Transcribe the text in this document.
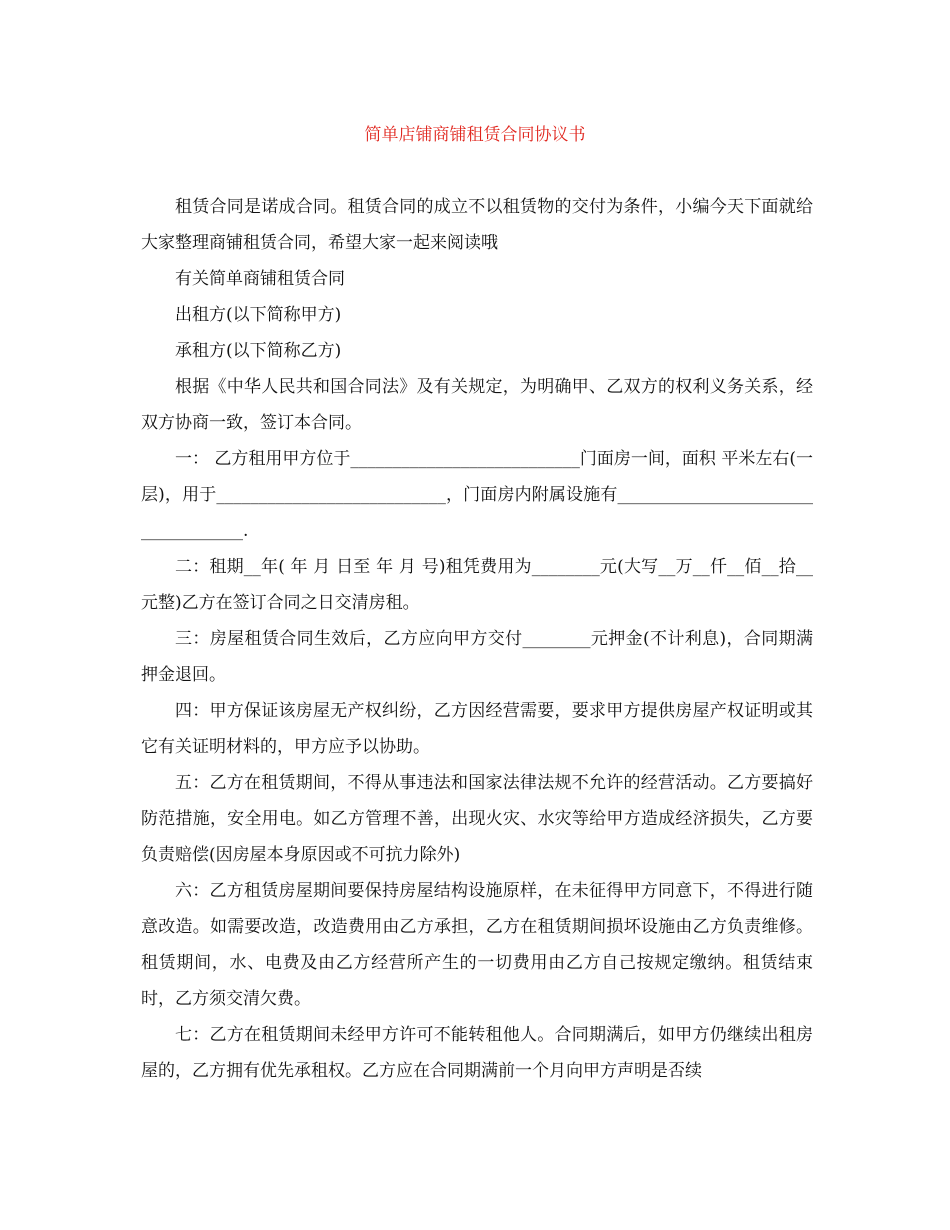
简单店铺商铺租赁合同协议书

租赁合同是诺成合同。租赁合同的成立不以租赁物的交付为条件，小编今天下面就给大家整理商铺租赁合同，希望大家一起来阅读哦

有关简单商铺租赁合同

出租方(以下简称甲方)

承租方(以下简称乙方)

根据《中华人民共和国合同法》及有关规定，为明确甲、乙双方的权利义务关系，经双方协商一致，签订本合同。

一： 乙方租用甲方位于___________________________门面房一间，面积 平米左右(一层)，用于___________________________，门面房内附属设施有___________________________________.

二：租期__年( 年 月 日至 年 月 号)租凭费用为________元(大写__万__仟__佰__拾__元整)乙方在签订合同之日交清房租。

三：房屋租赁合同生效后，乙方应向甲方交付________元押金(不计利息)，合同期满押金退回。

四：甲方保证该房屋无产权纠纷，乙方因经营需要，要求甲方提供房屋产权证明或其它有关证明材料的，甲方应予以协助。

五：乙方在租赁期间，不得从事违法和国家法律法规不允许的经营活动。乙方要搞好防范措施，安全用电。如乙方管理不善，出现火灾、水灾等给甲方造成经济损失，乙方要负责赔偿(因房屋本身原因或不可抗力除外)

六：乙方租赁房屋期间要保持房屋结构设施原样，在未征得甲方同意下，不得进行随意改造。如需要改造，改造费用由乙方承担，乙方在租赁期间损坏设施由乙方负责维修。租赁期间，水、电费及由乙方经营所产生的一切费用由乙方自己按规定缴纳。租赁结束时，乙方须交清欠费。

七：乙方在租赁期间未经甲方许可不能转租他人。合同期满后，如甲方仍继续出租房屋的，乙方拥有优先承租权。乙方应在合同期满前一个月向甲方声明是否续
